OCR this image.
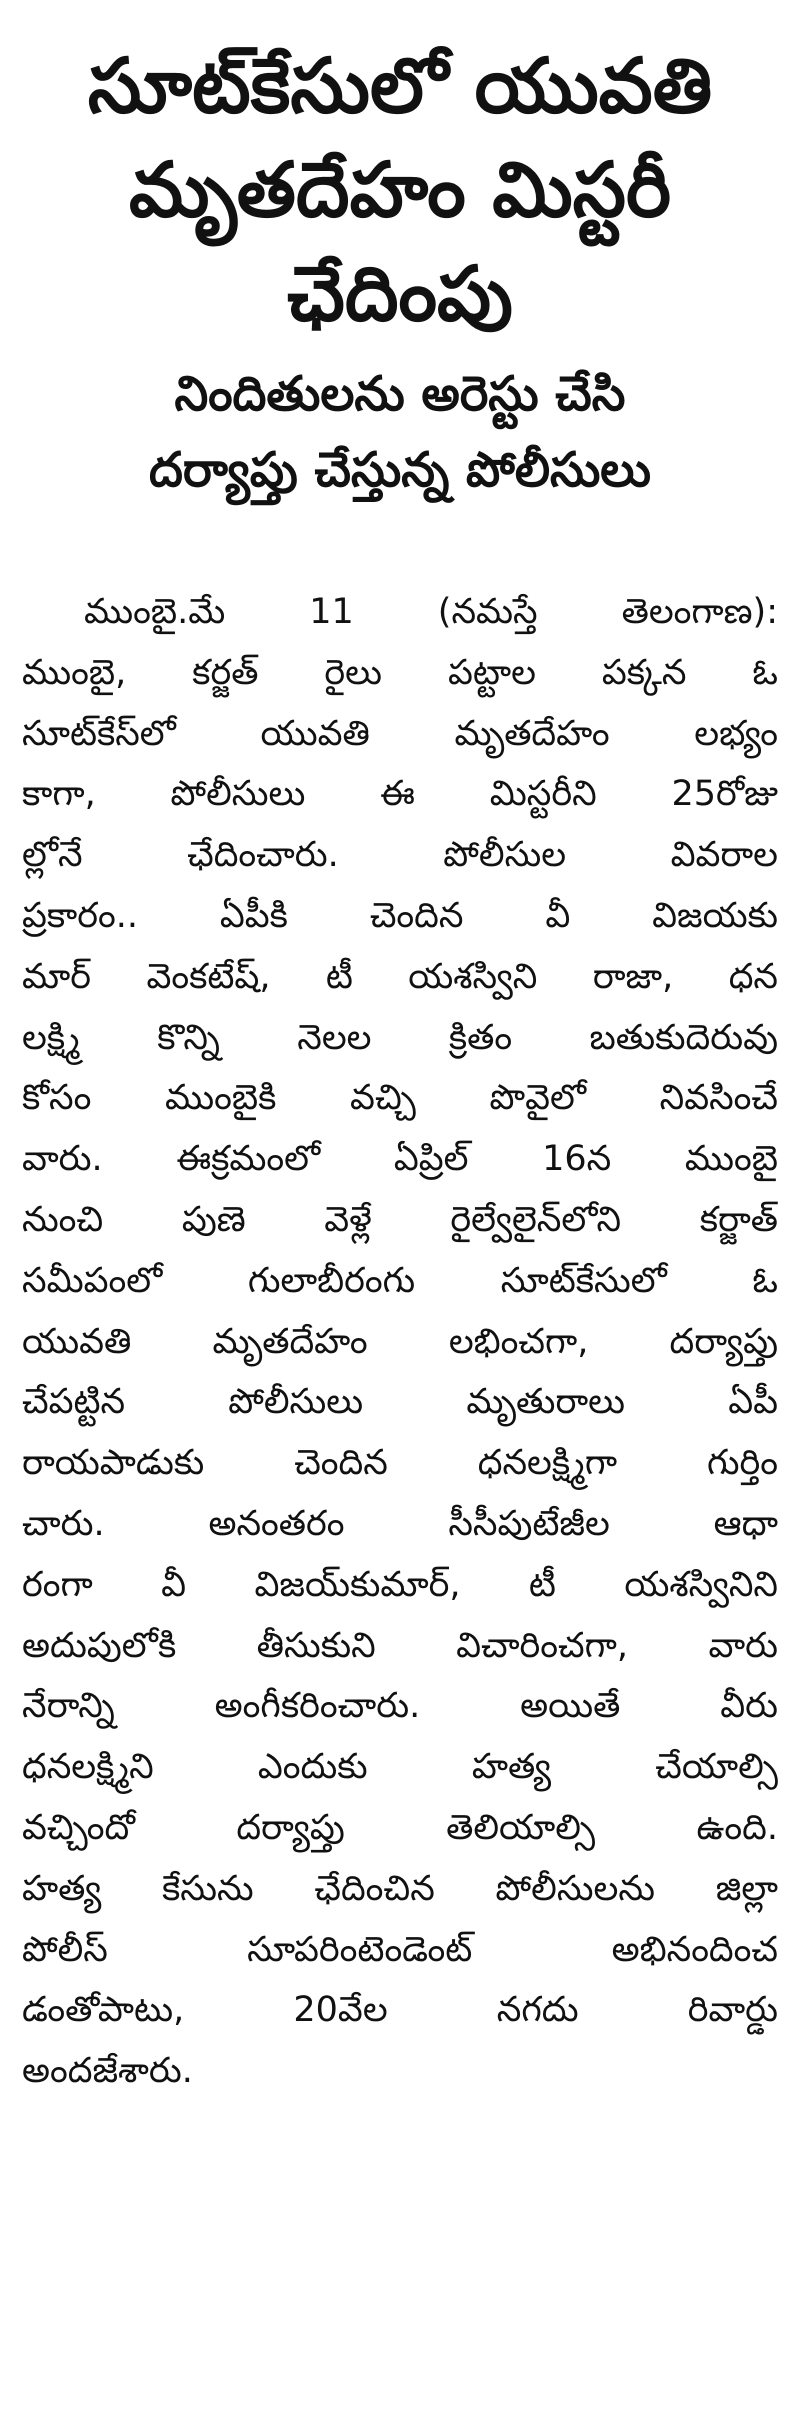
సూట్‌కేసులో యువతి
మృతదేహం మిస్టరీ
ఛేదింపు
నిందితులను అరెస్టు చేసి
దర్యాప్తు చేస్తున్న పోలీసులు
ముంబై.మే 11 (నమస్తే తెలంగాణ):
ముంబై, కర్జత్ రైలు పట్టాల పక్కన ఓ
సూట్‌కేస్‌లో యువతి మృతదేహం లభ్యం
కాగా, పోలీసులు ఈ మిస్టరీని 25రోజు
ల్లోనే ఛేదించారు. పోలీసుల వివరాల
ప్రకారం.. ఏపీకి చెందిన వీ విజయకు
మార్ వెంకటేష్, టీ యశస్విని రాజా, ధన
లక్ష్మి కొన్ని నెలల క్రితం బతుకుదెరువు
కోసం ముంబైకి వచ్చి పొవైలో నివసించే
వారు. ఈక్రమంలో ఏప్రిల్ 16న ముంబై
నుంచి పుణె వెళ్లే రైల్వేలైన్‌లోని కర్జాత్
సమీపంలో గులాబీరంగు సూట్‌కేసులో ఓ
యువతి మృతదేహం లభించగా, దర్యాప్తు
చేపట్టిన పోలీసులు మృతురాలు ఏపీ
రాయపాడుకు చెందిన ధనలక్ష్మిగా గుర్తిం
చారు. అనంతరం సీసీపుటేజీల ఆధా
రంగా వీ విజయ్‌కుమార్, టీ యశస్వినిని
అదుపులోకి తీసుకుని విచారించగా, వారు
నేరాన్ని అంగీకరించారు. అయితే వీరు
ధనలక్ష్మిని ఎందుకు హత్య చేయాల్సి
వచ్చిందో దర్యాప్తు తెలియాల్సి ఉంది.
హత్య కేసును ఛేదించిన పోలీసులను జిల్లా
పోలీస్ సూపరింటెండెంట్ అభినందించ
డంతోపాటు, 20వేల నగదు రివార్డు
అందజేశారు.
